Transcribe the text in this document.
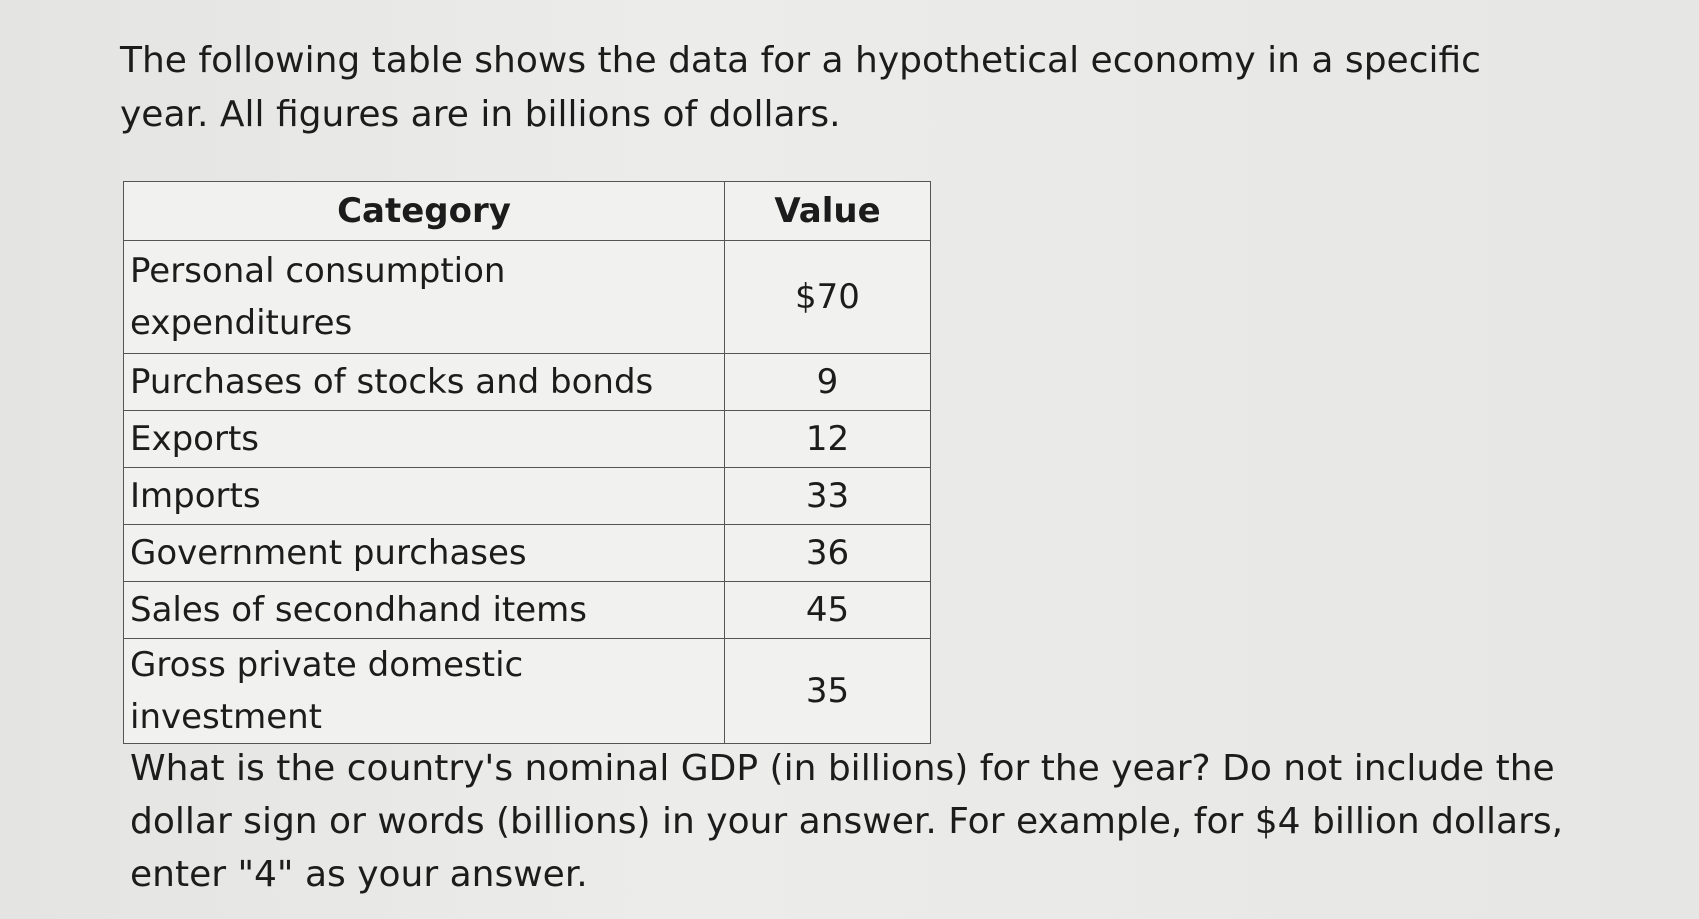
The following table shows the data for a hypothetical economy in a specific year. All figures are in billions of dollars.

Category	Value
Personal consumption expenditures	$70
Purchases of stocks and bonds	9
Exports	12
Imports	33
Government purchases	36
Sales of secondhand items	45
Gross private domestic investment	35

What is the country's nominal GDP (in billions) for the year? Do not include the dollar sign or words (billions) in your answer. For example, for $4 billion dollars, enter "4" as your answer.
